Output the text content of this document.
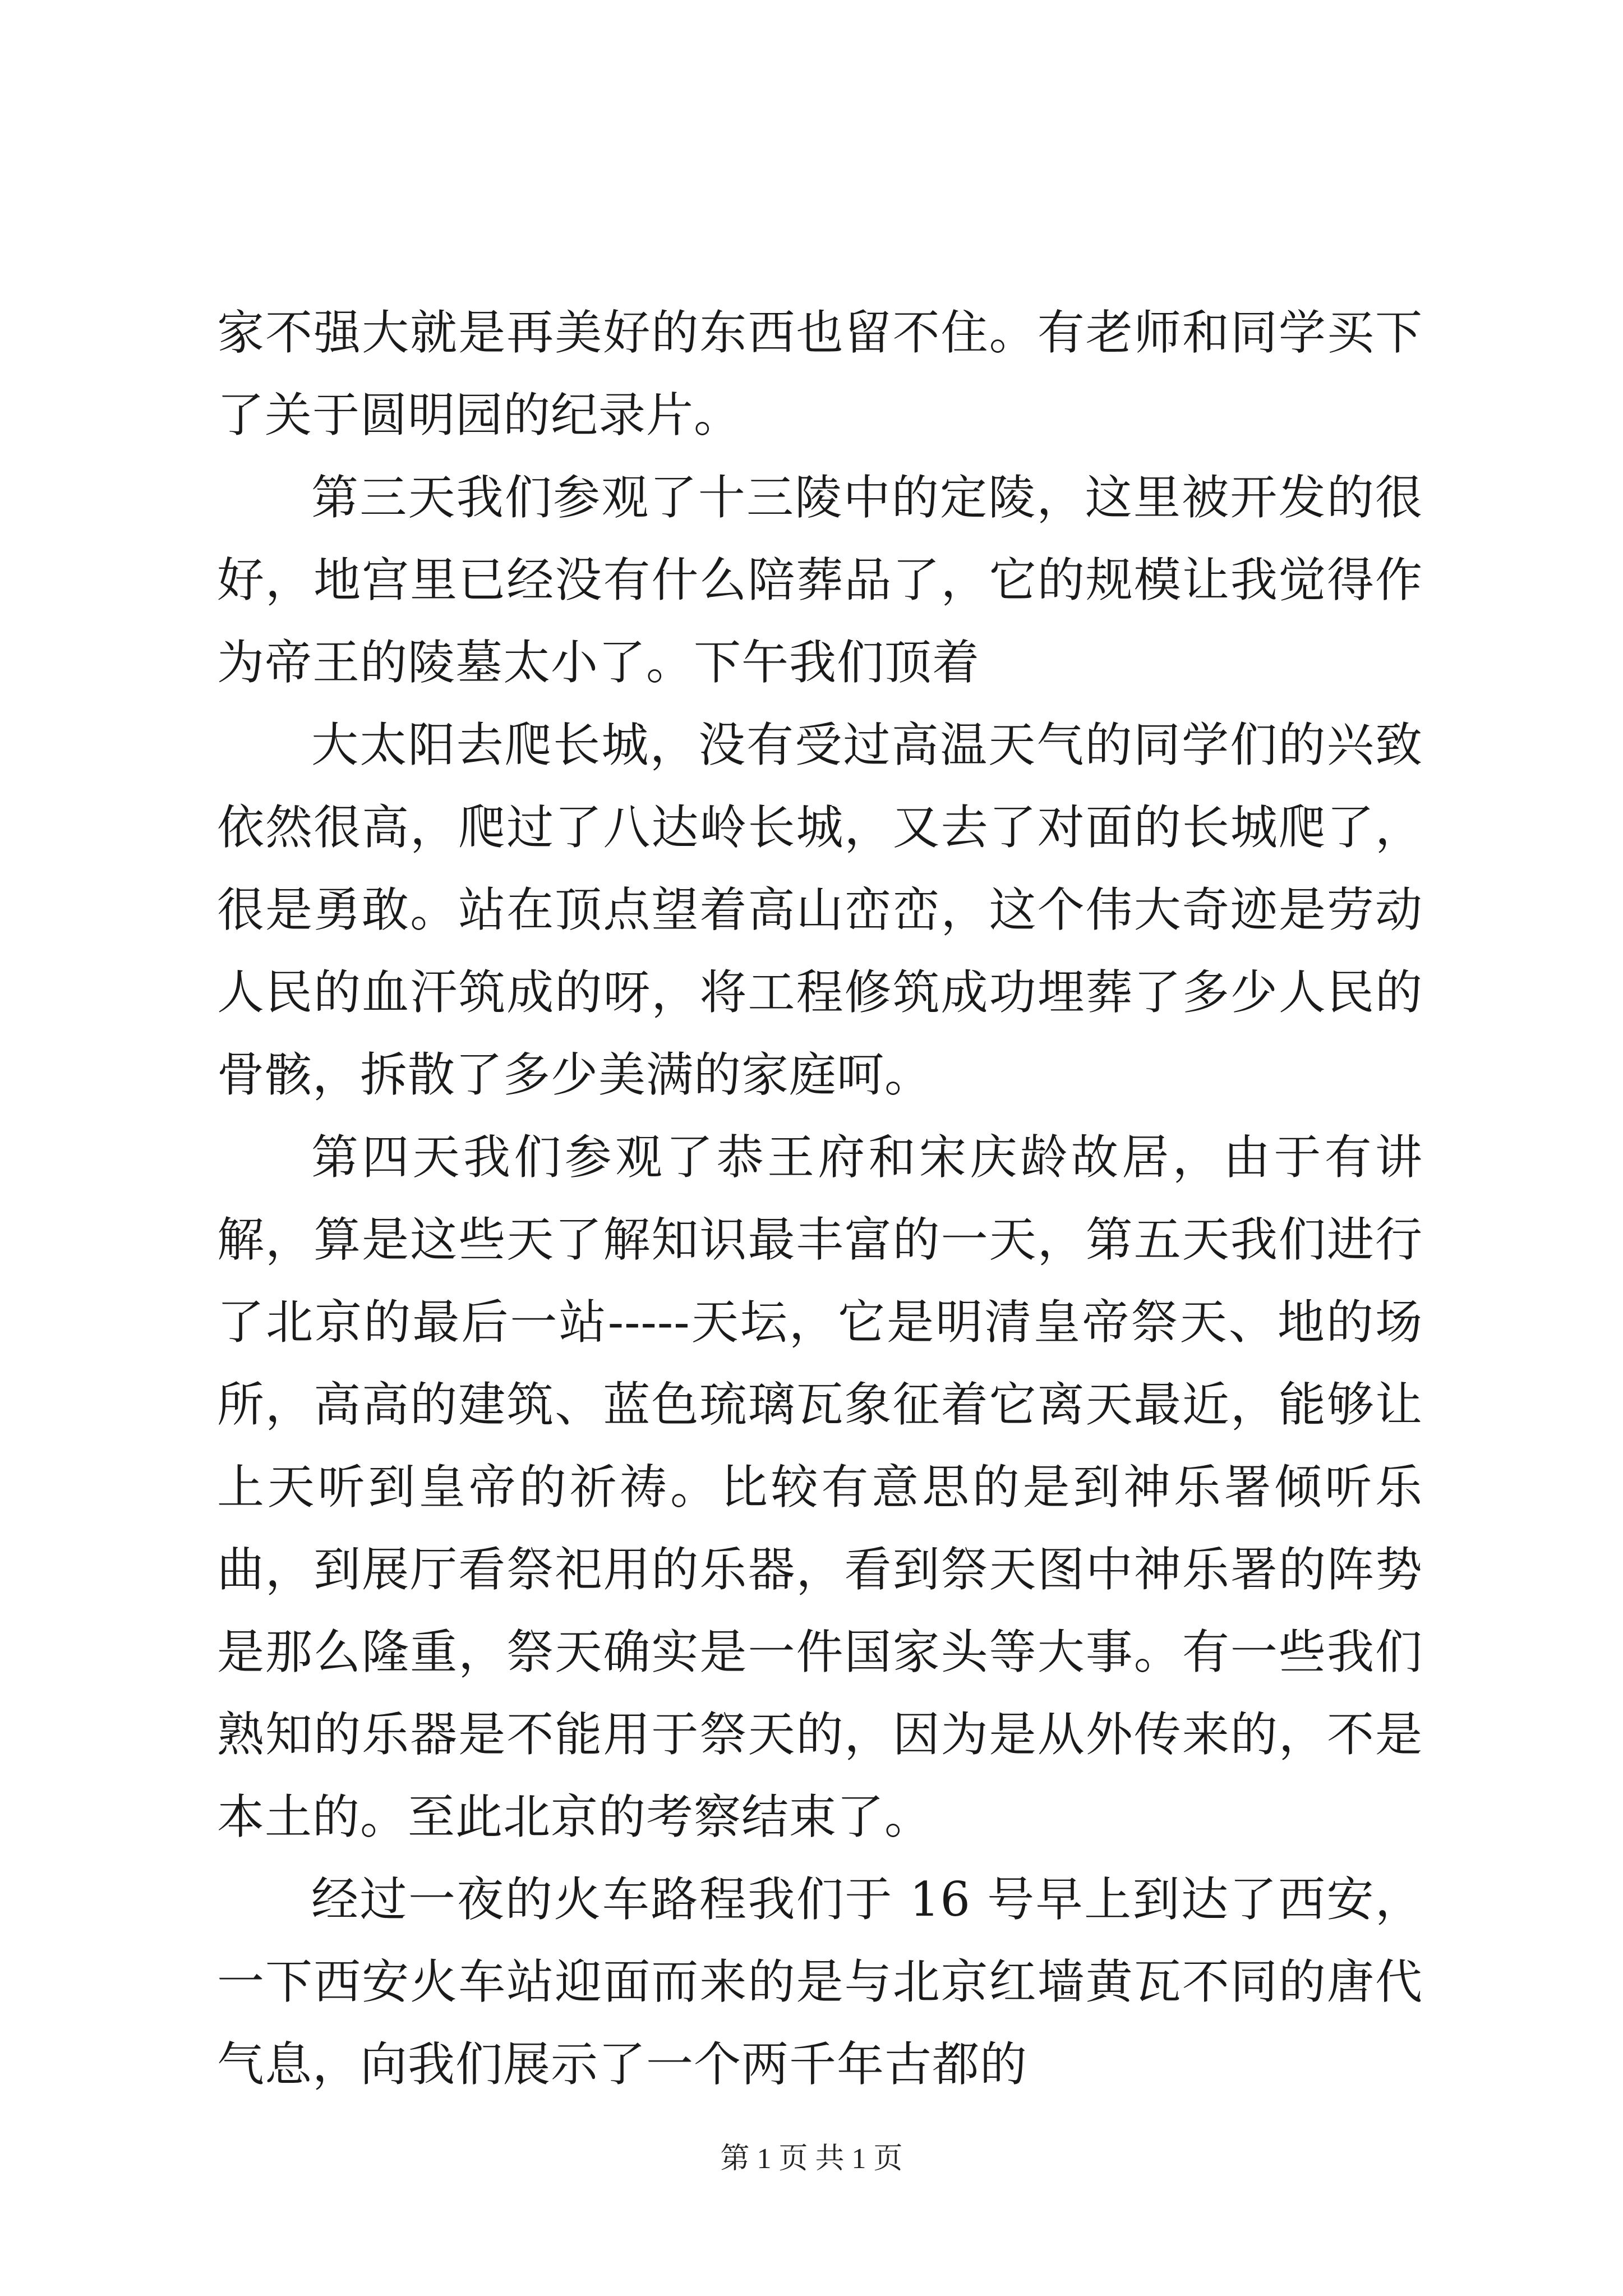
家不强大就是再美好的东西也留不住。有老师和同学买下了关于圆明园的纪录片。

第三天我们参观了十三陵中的定陵，这里被开发的很好，地宫里已经没有什么陪葬品了，它的规模让我觉得作为帝王的陵墓太小了。下午我们顶着

大太阳去爬长城，没有受过高温天气的同学们的兴致依然很高，爬过了八达岭长城，又去了对面的长城爬了，很是勇敢。站在顶点望着高山峦峦，这个伟大奇迹是劳动人民的血汗筑成的呀，将工程修筑成功埋葬了多少人民的骨骸，拆散了多少美满的家庭呵。

第四天我们参观了恭王府和宋庆龄故居，由于有讲解，算是这些天了解知识最丰富的一天，第五天我们进行了北京的最后一站-----天坛，它是明清皇帝祭天、地的场所，高高的建筑、蓝色琉璃瓦象征着它离天最近，能够让上天听到皇帝的祈祷。比较有意思的是到神乐署倾听乐曲，到展厅看祭祀用的乐器，看到祭天图中神乐署的阵势是那么隆重，祭天确实是一件国家头等大事。有一些我们熟知的乐器是不能用于祭天的，因为是从外传来的，不是本土的。至此北京的考察结束了。

经过一夜的火车路程我们于 16 号早上到达了西安，一下西安火车站迎面而来的是与北京红墙黄瓦不同的唐代气息，向我们展示了一个两千年古都的

第 1 页 共 1 页
